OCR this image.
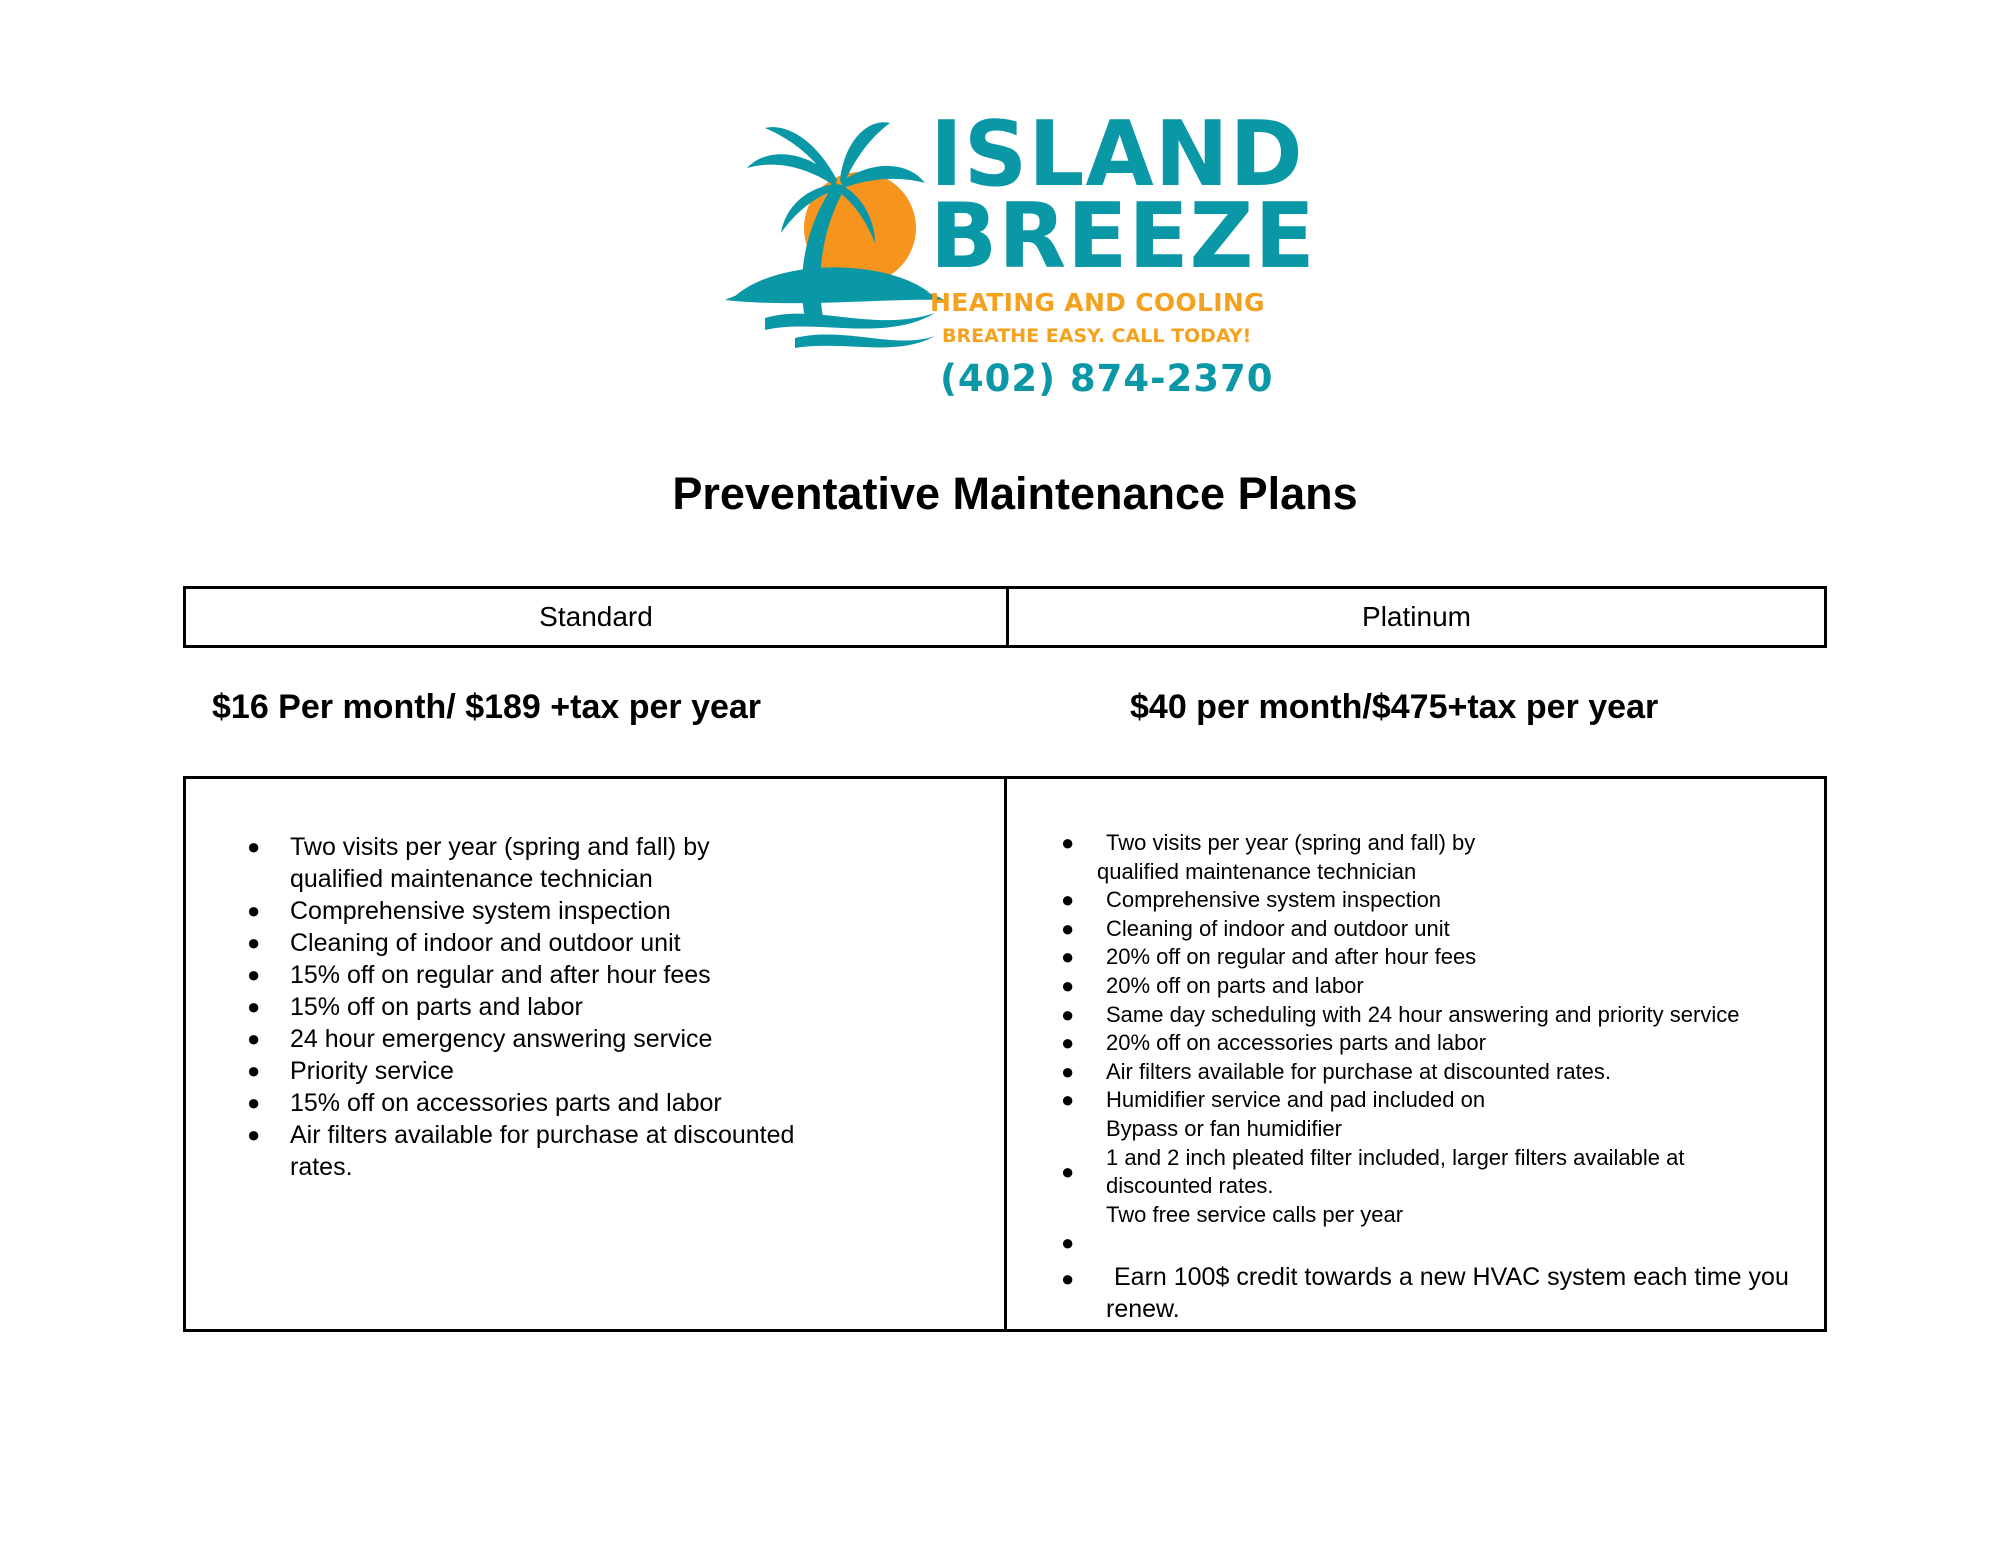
ISLAND
BREEZE
HEATING AND COOLING
BREATHE EASY. CALL TODAY!
(402) 874-2370
Preventative Maintenance Plans
Standard	Platinum
$16 Per month/ $189 +tax per year	$40 per month/$475+tax per year
● Two visits per year (spring and fall) by
qualified maintenance technician
● Comprehensive system inspection
● Cleaning of indoor and outdoor unit
● 15% off on regular and after hour fees
● 15% off on parts and labor
● 24 hour emergency answering service
● Priority service
● 15% off on accessories parts and labor
● Air filters available for purchase at discounted
rates.
● Two visits per year (spring and fall) by
qualified maintenance technician
● Comprehensive system inspection
● Cleaning of indoor and outdoor unit
● 20% off on regular and after hour fees
● 20% off on parts and labor
● Same day scheduling with 24 hour answering and priority service
● 20% off on accessories parts and labor
● Air filters available for purchase at discounted rates.
● Humidifier service and pad included on
Bypass or fan humidifier
●
1 and 2 inch pleated filter included, larger filters available at
discounted rates.
Two free service calls per year
●
● Earn 100$ credit towards a new HVAC system each time you
renew.
